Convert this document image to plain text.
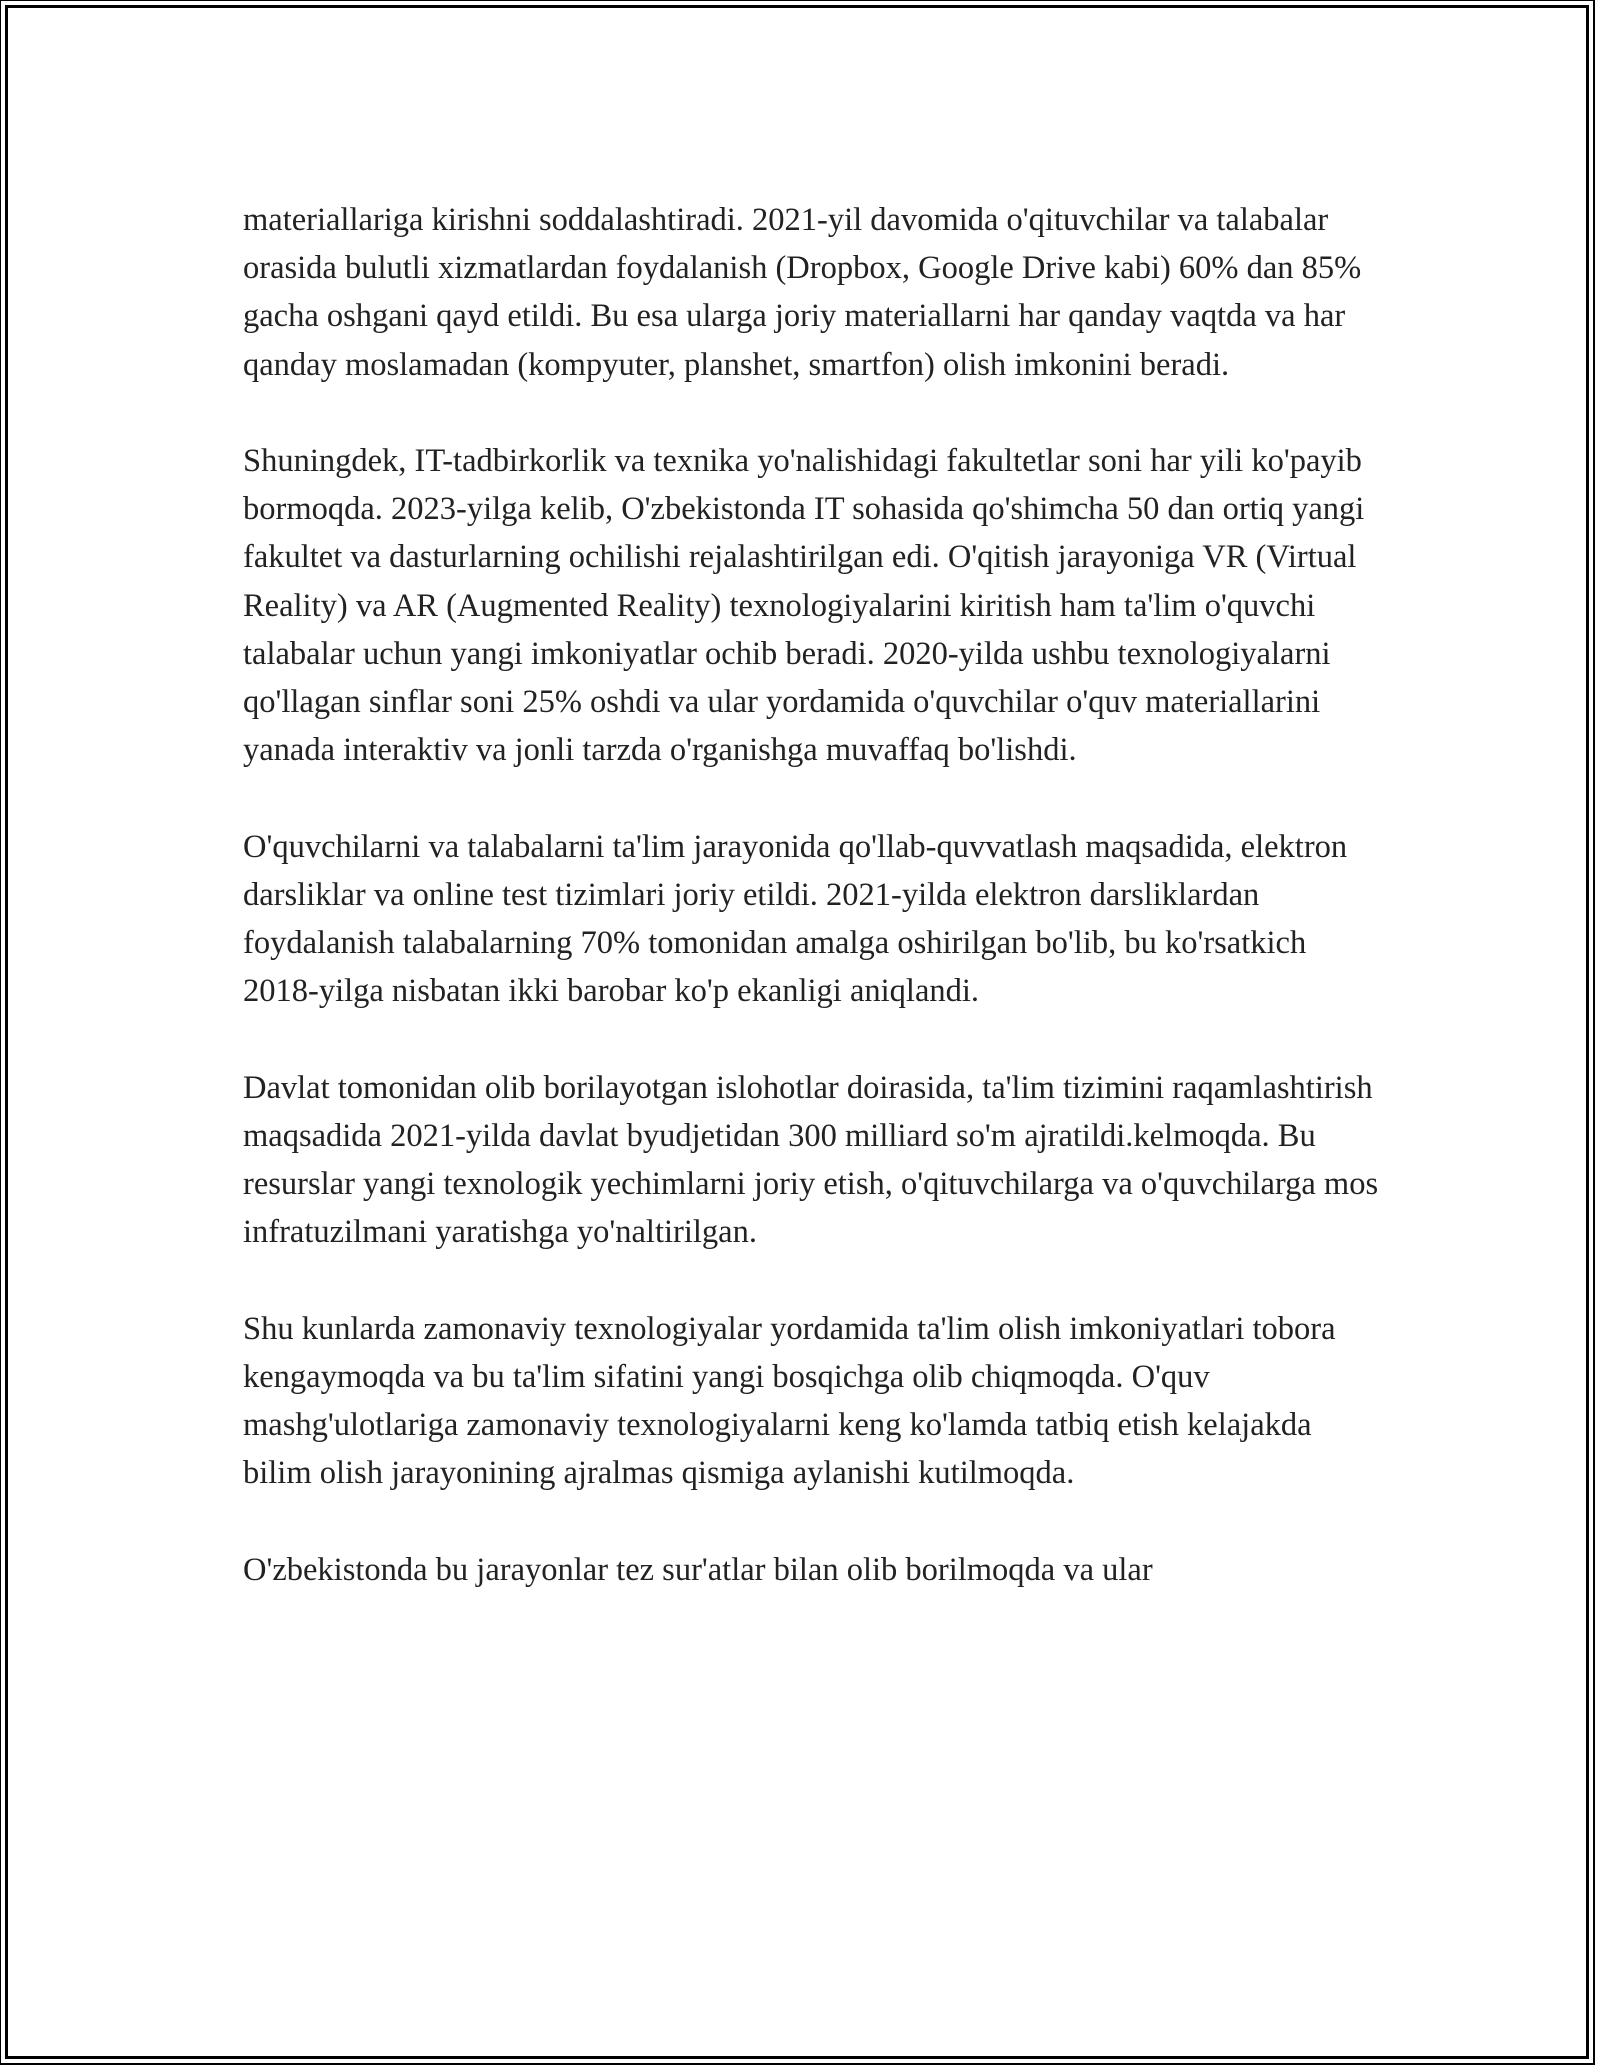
materiallariga kirishni soddalashtiradi. 2021-yil davomida o'qituvchilar va talabalar orasida bulutli xizmatlardan foydalanish (Dropbox, Google Drive kabi) 60% dan 85% gacha oshgani qayd etildi. Bu esa ularga joriy materiallarni har qanday vaqtda va har qanday moslamadan (kompyuter, planshet, smartfon) olish imkonini beradi.

Shuningdek, IT-tadbirkorlik va texnika yo'nalishidagi fakultetlar soni har yili ko'payib bormoqda. 2023-yilga kelib, O'zbekistonda IT sohasida qo'shimcha 50 dan ortiq yangi fakultet va dasturlarning ochilishi rejalashtirilgan edi. O'qitish jarayoniga VR (Virtual Reality) va AR (Augmented Reality) texnologiyalarini kiritish ham ta'lim o'quvchi talabalar uchun yangi imkoniyatlar ochib beradi. 2020-yilda ushbu texnologiyalarni qo'llagan sinflar soni 25% oshdi va ular yordamida o'quvchilar o'quv materiallarini yanada interaktiv va jonli tarzda o'rganishga muvaffaq bo'lishdi.

O'quvchilarni va talabalarni ta'lim jarayonida qo'llab-quvvatlash maqsadida, elektron darsliklar va online test tizimlari joriy etildi. 2021-yilda elektron darsliklardan foydalanish talabalarning 70% tomonidan amalga oshirilgan bo'lib, bu ko'rsatkich 2018-yilga nisbatan ikki barobar ko'p ekanligi aniqlandi.

Davlat tomonidan olib borilayotgan islohotlar doirasida, ta'lim tizimini raqamlashtirish maqsadida 2021-yilda davlat byudjetidan 300 milliard so'm ajratildi.kelmoqda. Bu resurslar yangi texnologik yechimlarni joriy etish, o'qituvchilarga va o'quvchilarga mos infratuzilmani yaratishga yo'naltirilgan.

Shu kunlarda zamonaviy texnologiyalar yordamida ta'lim olish imkoniyatlari tobora kengaymoqda va bu ta'lim sifatini yangi bosqichga olib chiqmoqda. O'quv mashg'ulotlariga zamonaviy texnologiyalarni keng ko'lamda tatbiq etish kelajakda bilim olish jarayonining ajralmas qismiga aylanishi kutilmoqda.

O'zbekistonda bu jarayonlar tez sur'atlar bilan olib borilmoqda va ular
